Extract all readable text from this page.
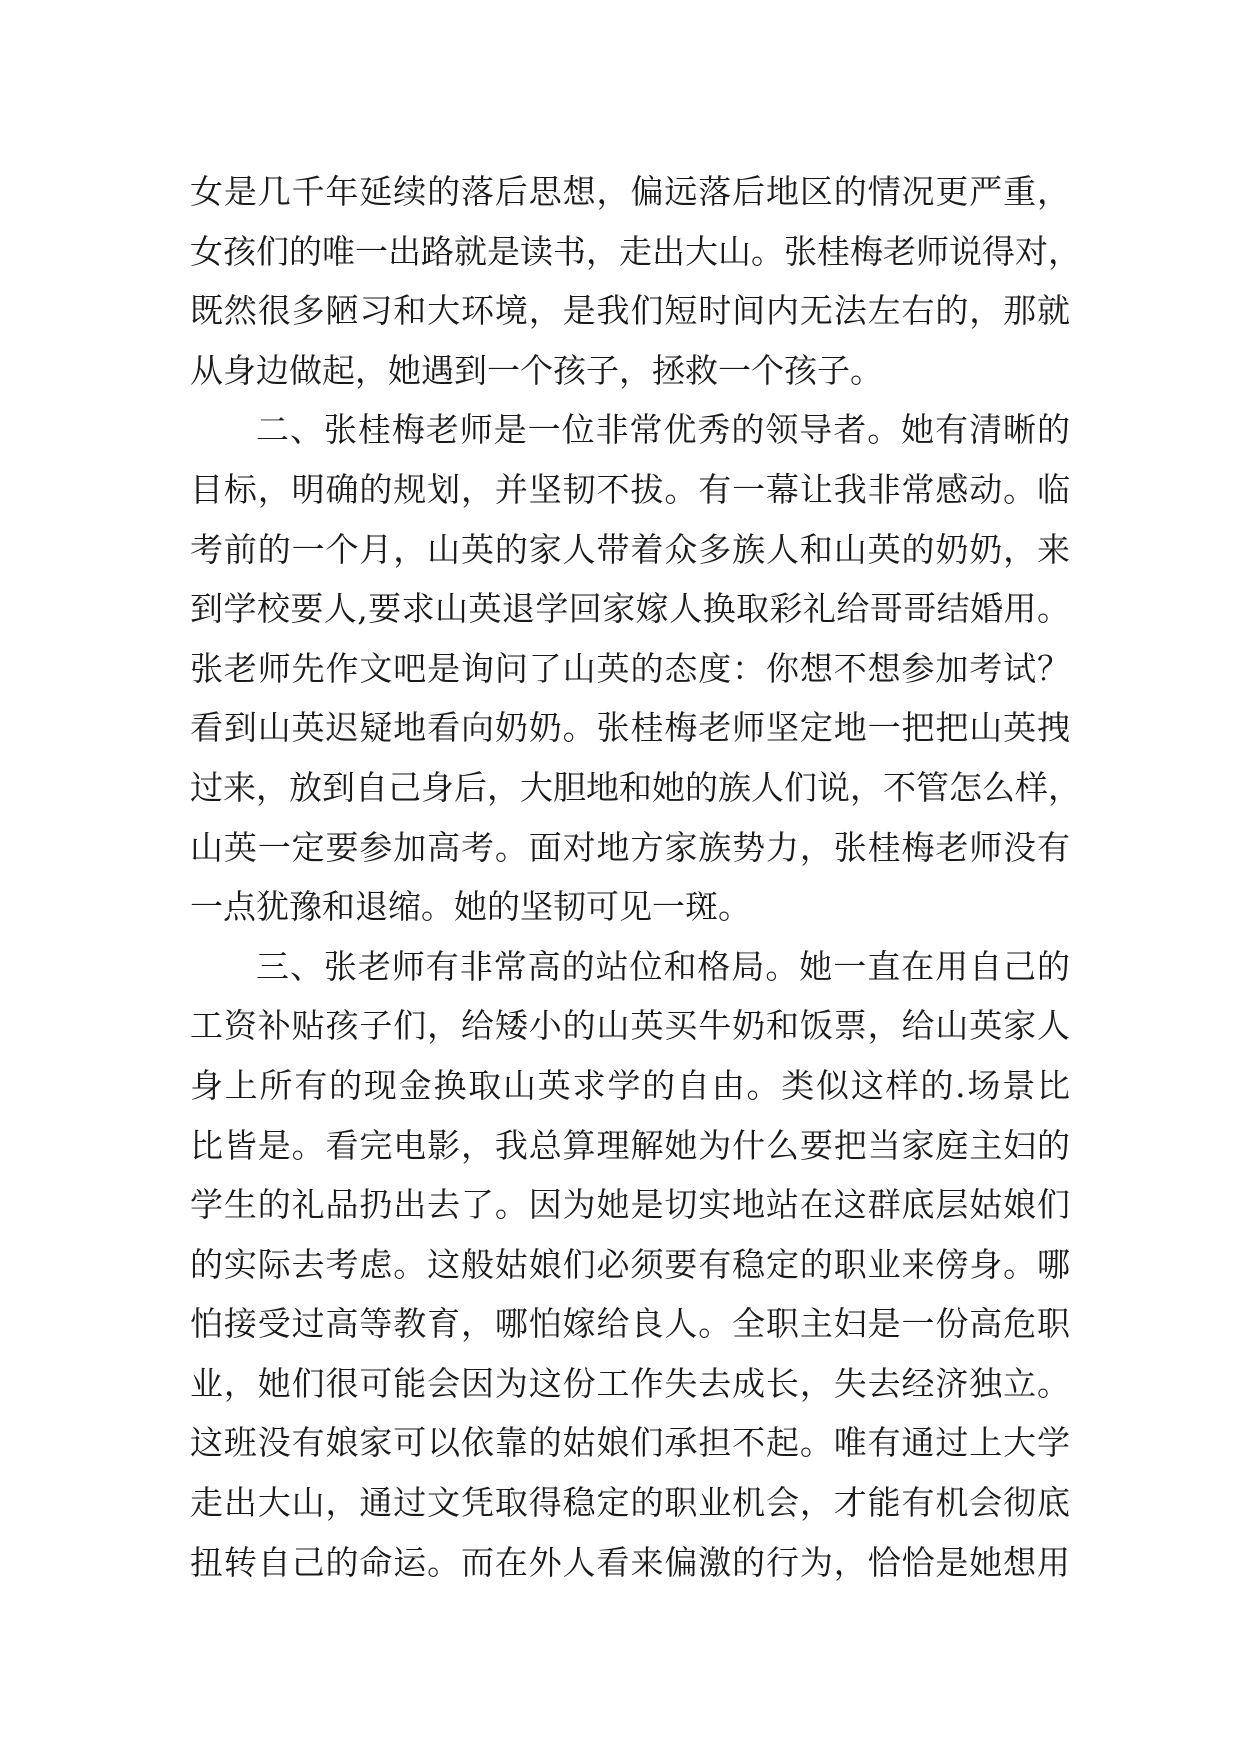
女是几千年延续的落后思想，偏远落后地区的情况更严重，
女孩们的唯一出路就是读书，走出大山。张桂梅老师说得对，
既然很多陋习和大环境，是我们短时间内无法左右的，那就
从身边做起，她遇到一个孩子，拯救一个孩子。
二、张桂梅老师是一位非常优秀的领导者。她有清晰的
目标，明确的规划，并坚韧不拔。有一幕让我非常感动。临
考前的一个月，山英的家人带着众多族人和山英的奶奶，来
到学校要人,要求山英退学回家嫁人换取彩礼给哥哥结婚用。
张老师先作文吧是询问了山英的态度：你想不想参加考试？
看到山英迟疑地看向奶奶。张桂梅老师坚定地一把把山英拽
过来，放到自己身后，大胆地和她的族人们说，不管怎么样，
山英一定要参加高考。面对地方家族势力，张桂梅老师没有
一点犹豫和退缩。她的坚韧可见一斑。
三、张老师有非常高的站位和格局。她一直在用自己的
工资补贴孩子们，给矮小的山英买牛奶和饭票，给山英家人
身上所有的现金换取山英求学的自由。类似这样的.场景比
比皆是。看完电影，我总算理解她为什么要把当家庭主妇的
学生的礼品扔出去了。因为她是切实地站在这群底层姑娘们
的实际去考虑。这般姑娘们必须要有稳定的职业来傍身。哪
怕接受过高等教育，哪怕嫁给良人。全职主妇是一份高危职
业，她们很可能会因为这份工作失去成长，失去经济独立。
这班没有娘家可以依靠的姑娘们承担不起。唯有通过上大学
走出大山，通过文凭取得稳定的职业机会，才能有机会彻底
扭转自己的命运。而在外人看来偏激的行为，恰恰是她想用
